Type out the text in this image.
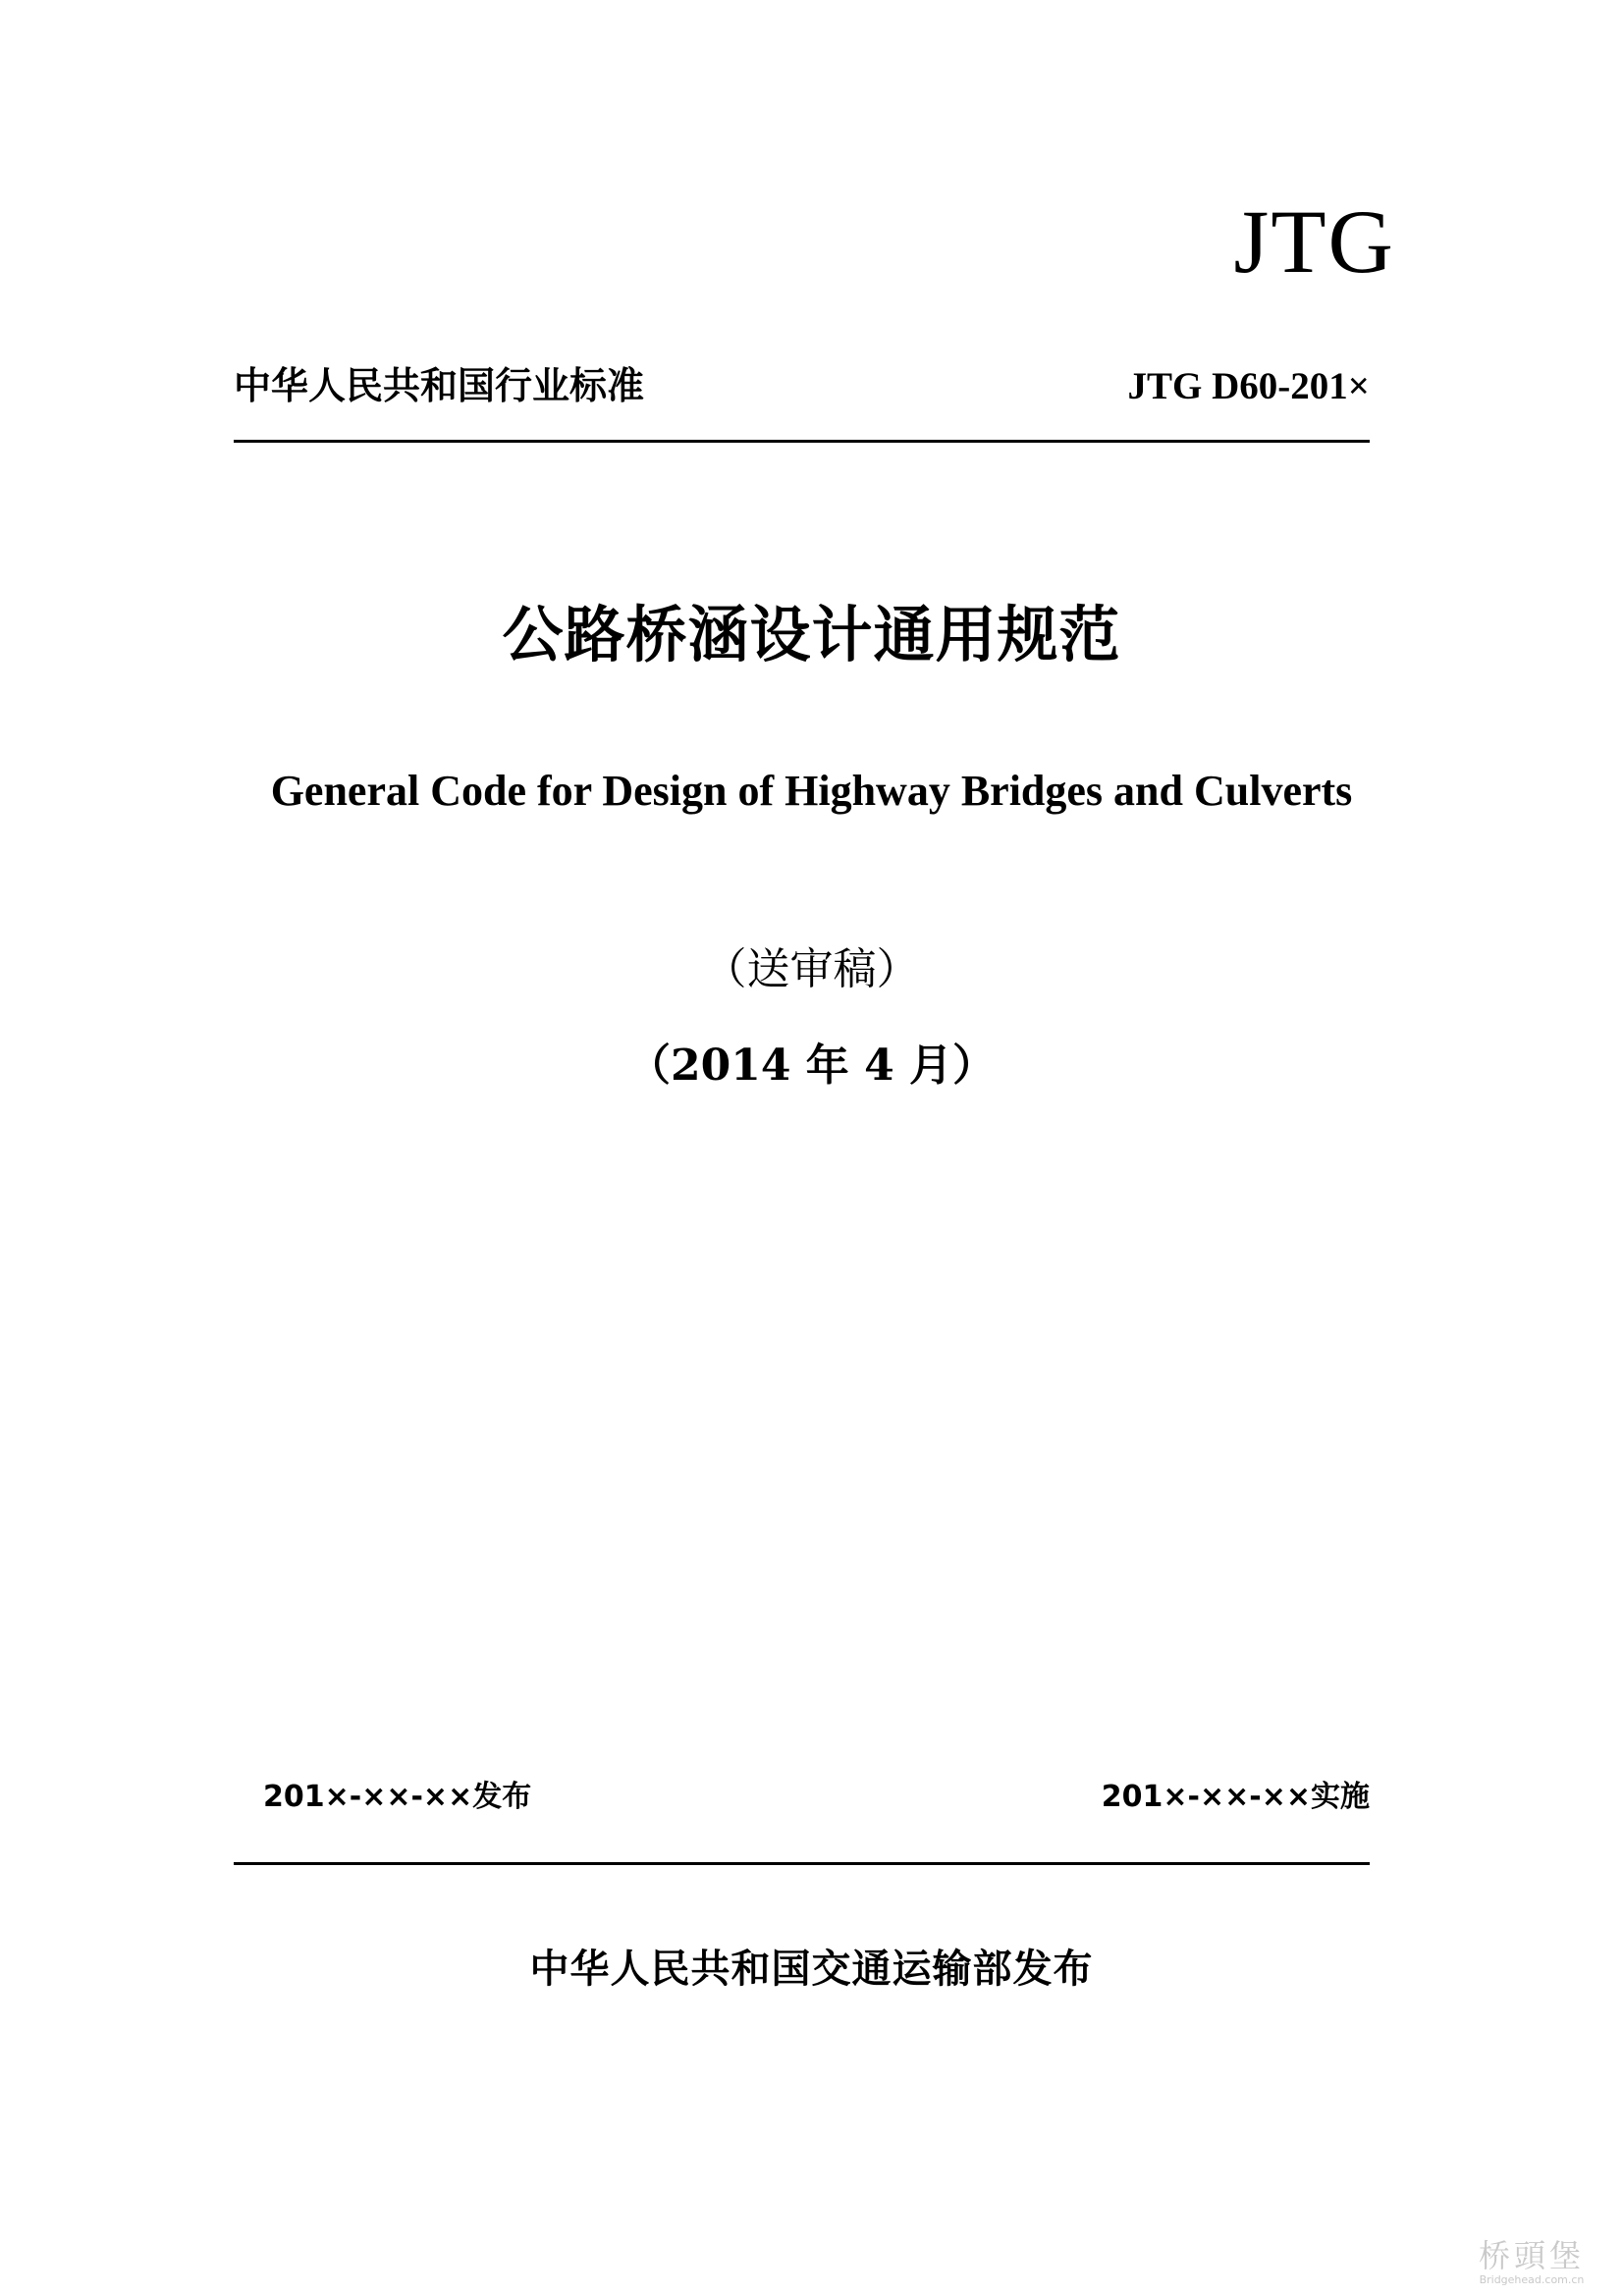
JTG
中华人民共和国行业标准	JTG D60-201×
公路桥涵设计通用规范
General Code for Design of Highway Bridges and Culverts
（送审稿）
（2014 年 4 月）
201×-××-××发布	201×-××-××实施
中华人民共和国交通运输部发布
桥頭堡
Bridgehead.com.cn
